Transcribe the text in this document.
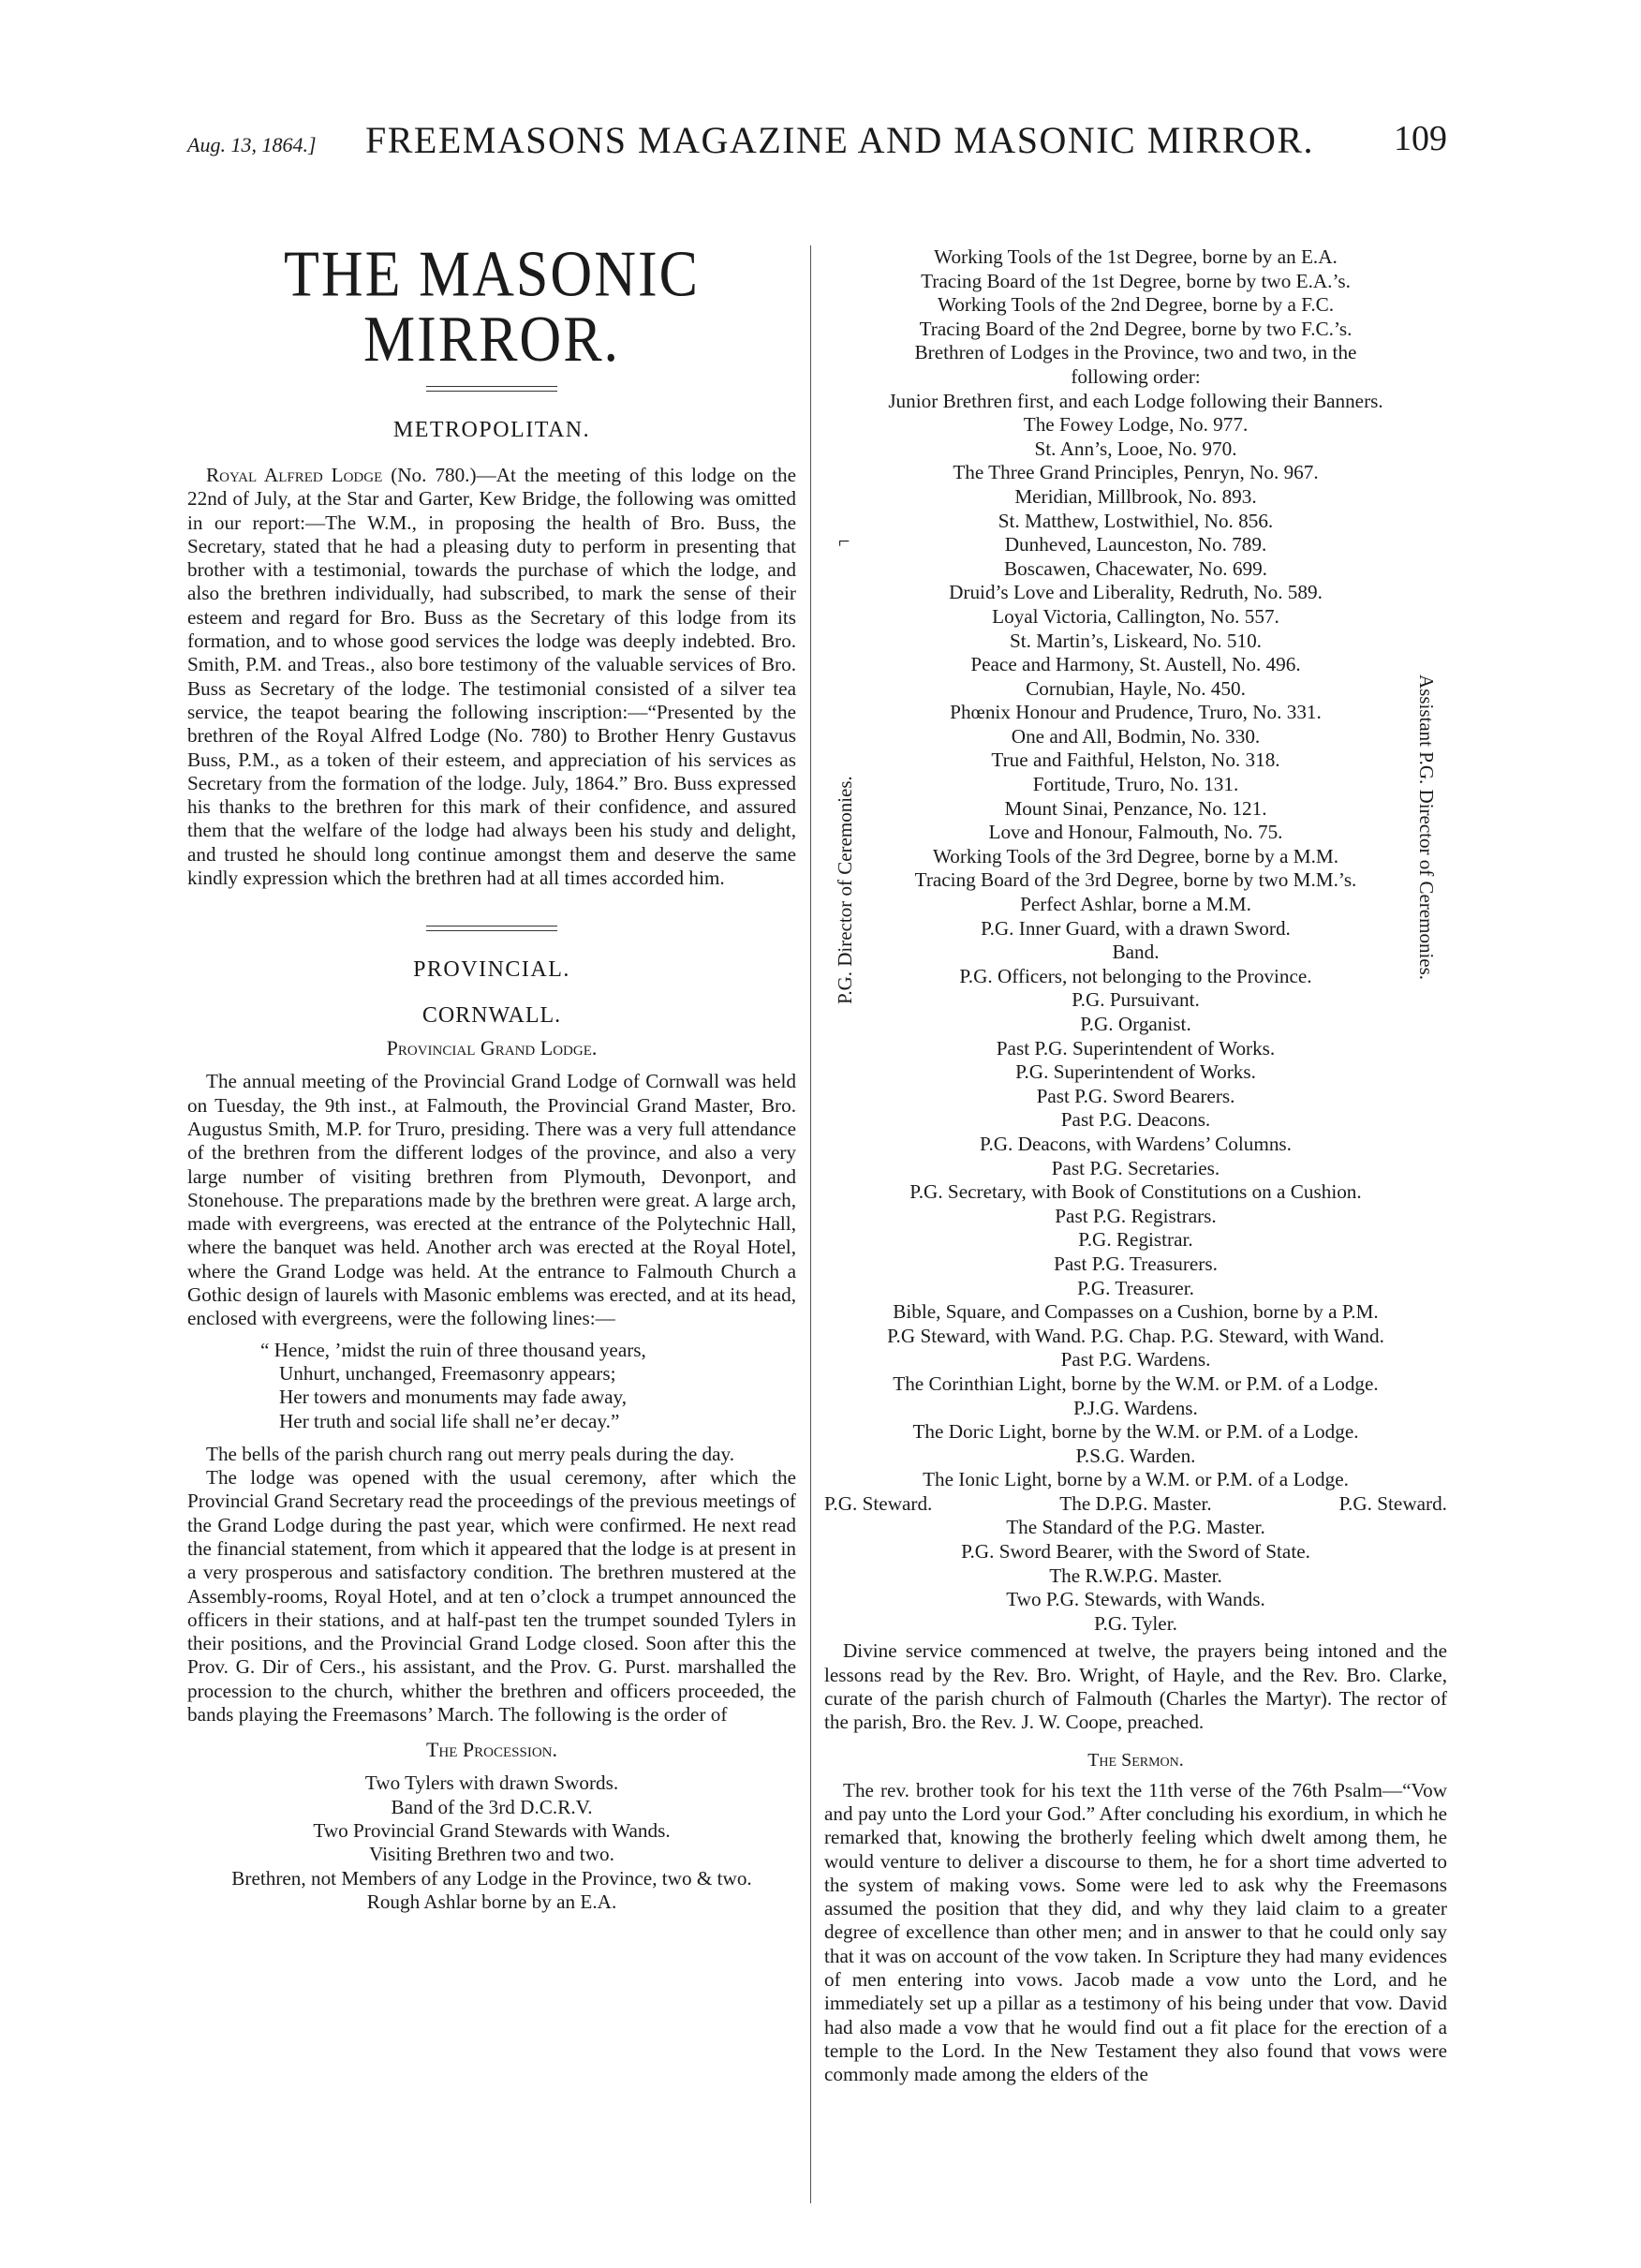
Aug. 13, 1864.] FREEMASONS MAGAZINE AND MASONIC MIRROR. 109
THE MASONIC MIRROR.
METROPOLITAN.

Royal Alfred Lodge (No. 780.)—At the meeting of this lodge on the 22nd of July, at the Star and Garter, Kew Bridge, the following was omitted in our report:—The W.M., in proposing the health of Bro. Buss, the Secretary, stated that he had a pleasing duty to perform in presenting that brother with a testimonial, towards the purchase of which the lodge, and also the brethren individually, had subscribed, to mark the sense of their esteem and regard for Bro. Buss as the Secretary of this lodge from its formation, and to whose good services the lodge was deeply indebted. Bro. Smith, P.M. and Treas., also bore testimony of the valuable services of Bro. Buss as Secretary of the lodge. The testimonial consisted of a silver tea service, the teapot bearing the following inscription:—“Presented by the brethren of the Royal Alfred Lodge (No. 780) to Brother Henry Gustavus Buss, P.M., as a token of their esteem, and appreciation of his services as Secretary from the formation of the lodge. July, 1864.” Bro. Buss expressed his thanks to the brethren for this mark of their confidence, and assured them that the welfare of the lodge had always been his study and delight, and trusted he should long continue amongst them and deserve the same kindly expression which the brethren had at all times accorded him.

PROVINCIAL.
CORNWALL.
Provincial Grand Lodge.

The annual meeting of the Provincial Grand Lodge of Cornwall was held on Tuesday, the 9th inst., at Falmouth, the Provincial Grand Master, Bro. Augustus Smith, M.P. for Truro, presiding. There was a very full attendance of the brethren from the different lodges of the province, and also a very large number of visiting brethren from Plymouth, Devonport, and Stonehouse. The preparations made by the brethren were great. A large arch, made with evergreens, was erected at the entrance of the Polytechnic Hall, where the banquet was held. Another arch was erected at the Royal Hotel, where the Grand Lodge was held. At the entrance to Falmouth Church a Gothic design of laurels with Masonic emblems was erected, and at its head, enclosed with evergreens, were the following lines:—

“ Hence, ’midst the ruin of three thousand years,
Unhurt, unchanged, Freemasonry appears;
Her towers and monuments may fade away,
Her truth and social life shall ne’er decay.”

The bells of the parish church rang out merry peals during the day.

The lodge was opened with the usual ceremony, after which the Provincial Grand Secretary read the proceedings of the previous meetings of the Grand Lodge during the past year, which were confirmed. He next read the financial statement, from which it appeared that the lodge is at present in a very prosperous and satisfactory condition. The brethren mustered at the Assembly-rooms, Royal Hotel, and at ten o’clock a trumpet announced the officers in their stations, and at half-past ten the trumpet sounded Tylers in their positions, and the Provincial Grand Lodge closed. Soon after this the Prov. G. Dir of Cers., his assistant, and the Prov. G. Purst. marshalled the procession to the church, whither the brethren and officers proceeded, the bands playing the Freemasons’ March. The following is the order of

The Procession.

Two Tylers with drawn Swords.

Band of the 3rd D.C.R.V.

Two Provincial Grand Stewards with Wands.

Visiting Brethren two and two.

Brethren, not Members of any Lodge in the Province, two & two.

Rough Ashlar borne by an E.A.

Working Tools of the 1st Degree, borne by an E.A.

Tracing Board of the 1st Degree, borne by two E.A.’s.

Working Tools of the 2nd Degree, borne by a F.C.

Tracing Board of the 2nd Degree, borne by two F.C.’s.

Brethren of Lodges in the Province, two and two, in the

following order:

Junior Brethren first, and each Lodge following their Banners.

The Fowey Lodge, No. 977.

St. Ann’s, Looe, No. 970.

The Three Grand Principles, Penryn, No. 967.

Meridian, Millbrook, No. 893.

St. Matthew, Lostwithiel, No. 856.

Dunheved, Launceston, No. 789.

Boscawen, Chacewater, No. 699.

Druid’s Love and Liberality, Redruth, No. 589.

Loyal Victoria, Callington, No. 557.

St. Martin’s, Liskeard, No. 510.

Peace and Harmony, St. Austell, No. 496.

Cornubian, Hayle, No. 450.

Phœnix Honour and Prudence, Truro, No. 331.

One and All, Bodmin, No. 330.

True and Faithful, Helston, No. 318.

Fortitude, Truro, No. 131.

Mount Sinai, Penzance, No. 121.

Love and Honour, Falmouth, No. 75.

Working Tools of the 3rd Degree, borne by a M.M.

Tracing Board of the 3rd Degree, borne by two M.M.’s.

Perfect Ashlar, borne a M.M.

P.G. Inner Guard, with a drawn Sword.

Band.

P.G. Officers, not belonging to the Province.

P.G. Pursuivant.

P.G. Organist.

Past P.G. Superintendent of Works.

P.G. Superintendent of Works.

Past P.G. Sword Bearers.

Past P.G. Deacons.

P.G. Deacons, with Wardens’ Columns.

Past P.G. Secretaries.

P.G. Secretary, with Book of Constitutions on a Cushion.

Past P.G. Registrars.

P.G. Registrar.

Past P.G. Treasurers.

P.G. Treasurer.

Bible, Square, and Compasses on a Cushion, borne by a P.M.

P.G Steward, with Wand. P.G. Chap. P.G. Steward, with Wand.

Past P.G. Wardens.

The Corinthian Light, borne by the W.M. or P.M. of a Lodge.

P.J.G. Wardens.

The Doric Light, borne by the W.M. or P.M. of a Lodge.

P.S.G. Warden.

The Ionic Light, borne by a W.M. or P.M. of a Lodge.

P.G. Steward.	The D.P.G. Master.	P.G. Steward.

The Standard of the P.G. Master.

P.G. Sword Bearer, with the Sword of State.

The R.W.P.G. Master.

Two P.G. Stewards, with Wands.

P.G. Tyler.

Divine service commenced at twelve, the prayers being intoned and the lessons read by the Rev. Bro. Wright, of Hayle, and the Rev. Bro. Clarke, curate of the parish church of Falmouth (Charles the Martyr). The rector of the parish, Bro. the Rev. J. W. Coope, preached.

The Sermon.

The rev. brother took for his text the 11th verse of the 76th Psalm—“Vow and pay unto the Lord your God.” After concluding his exordium, in which he remarked that, knowing the brotherly feeling which dwelt among them, he would venture to deliver a discourse to them, he for a short time adverted to the system of making vows. Some were led to ask why the Freemasons assumed the position that they did, and why they laid claim to a greater degree of excellence than other men; and in answer to that he could only say that it was on account of the vow taken. In Scripture they had many evidences of men entering into vows. Jacob made a vow unto the Lord, and he immediately set up a pillar as a testimony of his being under that vow. David had also made a vow that he would find out a fit place for the erection of a temple to the Lord. In the New Testament they also found that vows were commonly made among the elders of the

⌐
P.G. Director of Ceremonies.	Assistant P.G. Director of Ceremonies.
